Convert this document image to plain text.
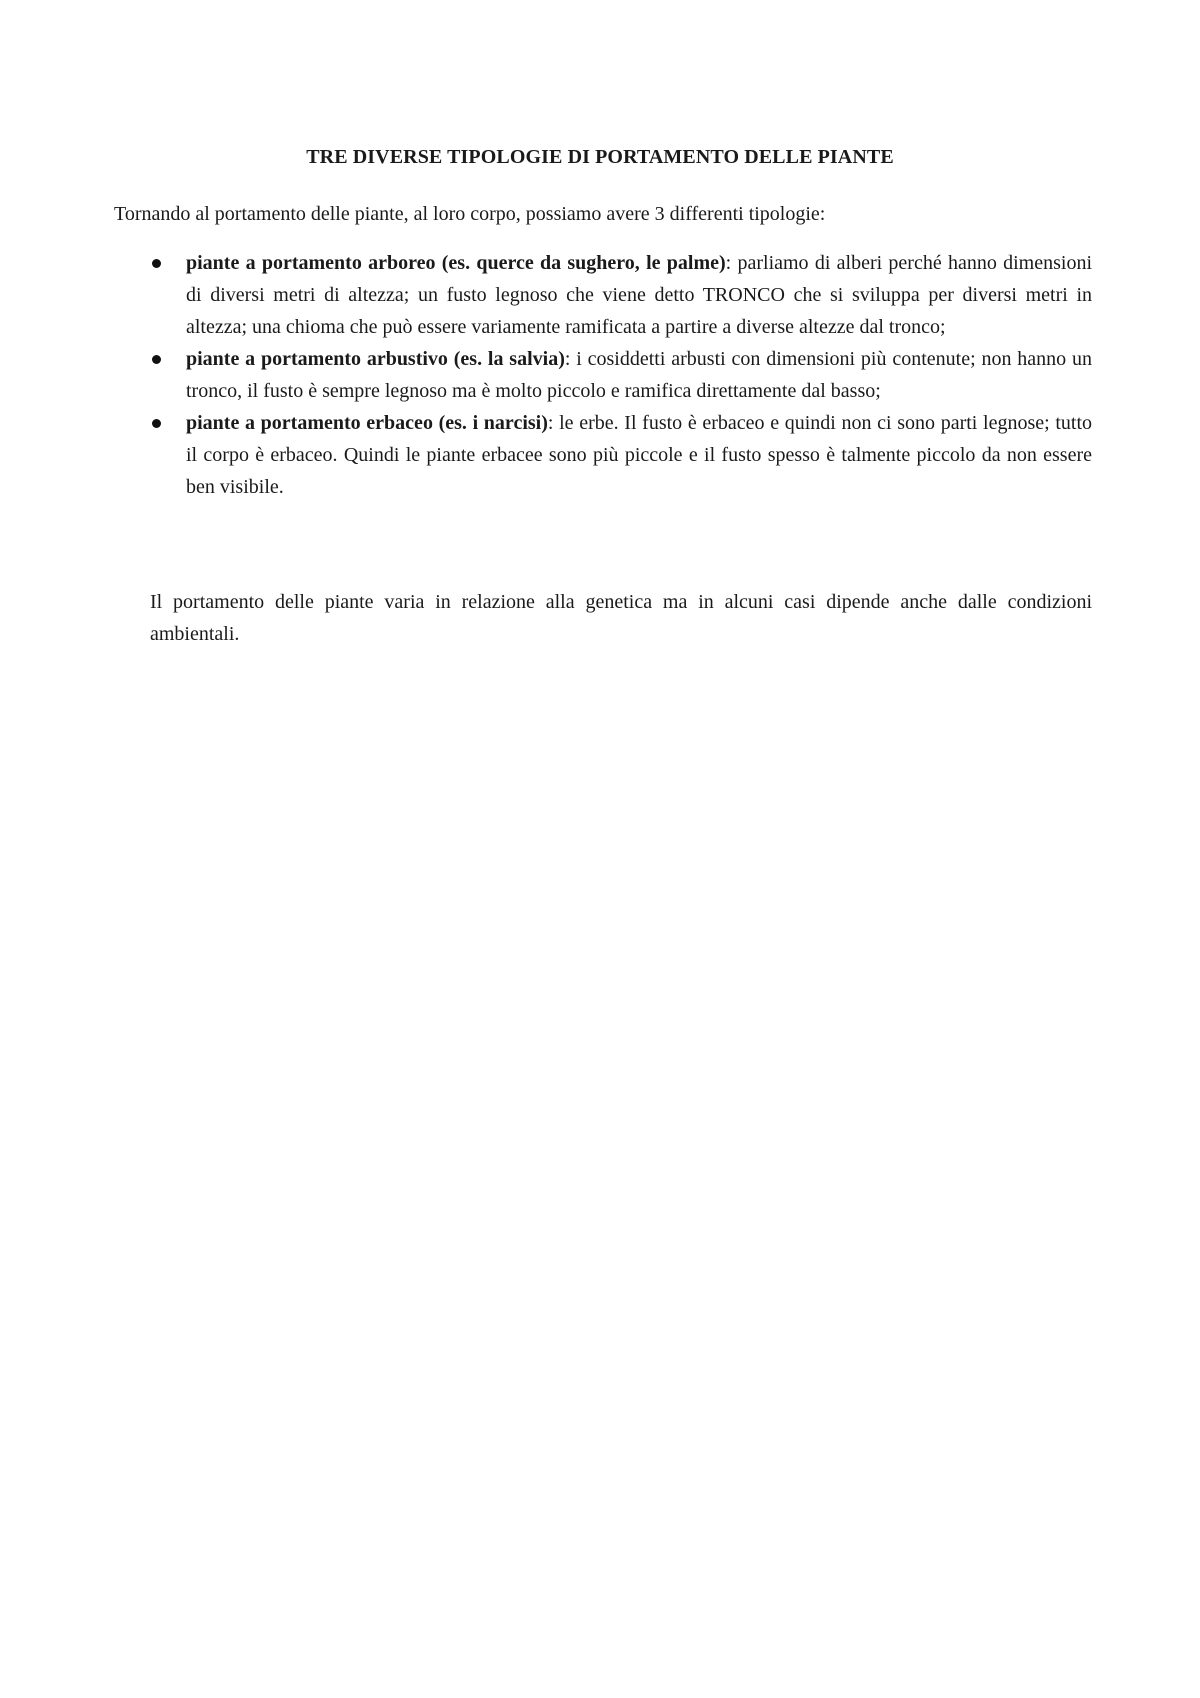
TRE DIVERSE TIPOLOGIE DI PORTAMENTO DELLE PIANTE
Tornando al portamento delle piante, al loro corpo, possiamo avere 3 differenti tipologie:
piante a portamento arboreo (es. querce da sughero, le palme): parliamo di alberi perché hanno dimensioni di diversi metri di altezza; un fusto legnoso che viene detto TRONCO che si sviluppa per diversi metri in altezza; una chioma che può essere variamente ramificata a partire a diverse altezze dal tronco;
piante a portamento arbustivo (es. la salvia): i cosiddetti arbusti con dimensioni più contenute; non hanno un tronco, il fusto è sempre legnoso ma è molto piccolo e ramifica direttamente dal basso;
piante a portamento erbaceo (es. i narcisi): le erbe. Il fusto è erbaceo e quindi non ci sono parti legnose; tutto il corpo è erbaceo. Quindi le piante erbacee sono più piccole e il fusto spesso è talmente piccolo da non essere ben visibile.
Il portamento delle piante varia in relazione alla genetica ma in alcuni casi dipende anche dalle condizioni ambientali.
